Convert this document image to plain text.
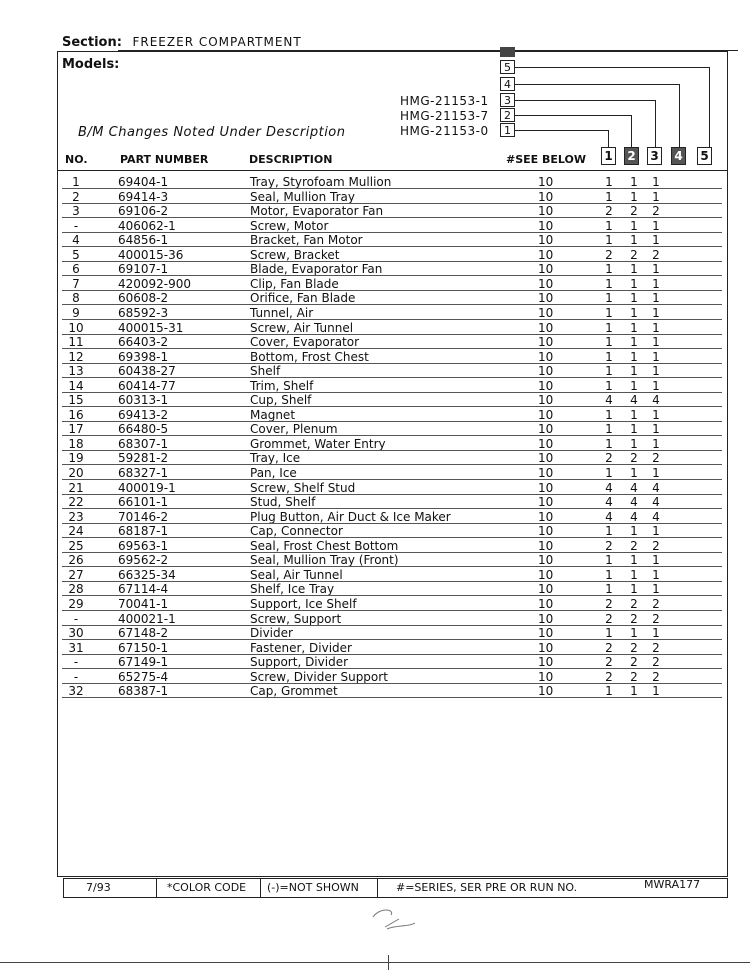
Section: FREEZER COMPARTMENT
Models:
B/M Changes Noted Under Description
HMG-21153-1
HMG-21153-7
HMG-21153-0
5
4
3
2
1
NO.	PART NUMBER	DESCRIPTION	#SEE BELOW 1 2 3 4 5
1	69404-1	Tray, Styrofoam Mullion	10	1 1 1
2	69414-3	Seal, Mullion Tray	10	1 1 1
3	69106-2	Motor, Evaporator Fan	10	2 2 2
-	406062-1	Screw, Motor	10	1 1 1
4	64856-1	Bracket, Fan Motor	10	1 1 1
5	400015-36	Screw, Bracket	10	2 2 2
6	69107-1	Blade, Evaporator Fan	10	1 1 1
7	420092-900	Clip, Fan Blade	10	1 1 1
8	60608-2	Orifice, Fan Blade	10	1 1 1
9	68592-3	Tunnel, Air	10	1 1 1
10	400015-31	Screw, Air Tunnel	10	1 1 1
11	66403-2	Cover, Evaporator	10	1 1 1
12	69398-1	Bottom, Frost Chest	10	1 1 1
13	60438-27	Shelf	10	1 1 1
14	60414-77	Trim, Shelf	10	1 1 1
15	60313-1	Cup, Shelf	10	4 4 4
16	69413-2	Magnet	10	1 1 1
17	66480-5	Cover, Plenum	10	1 1 1
18	68307-1	Grommet, Water Entry	10	1 1 1
19	59281-2	Tray, Ice	10	2 2 2
20	68327-1	Pan, Ice	10	1 1 1
21	400019-1	Screw, Shelf Stud	10	4 4 4
22	66101-1	Stud, Shelf	10	4 4 4
23	70146-2	Plug Button, Air Duct & Ice Maker	10	4 4 4
24	68187-1	Cap, Connector	10	1 1 1
25	69563-1	Seal, Frost Chest Bottom	10	2 2 2
26	69562-2	Seal, Mullion Tray (Front)	10	1 1 1
27	66325-34	Seal, Air Tunnel	10	1 1 1
28	67114-4	Shelf, Ice Tray	10	1 1 1
29	70041-1	Support, Ice Shelf	10	2 2 2
-	400021-1	Screw, Support	10	2 2 2
30	67148-2	Divider	10	1 1 1
31	67150-1	Fastener, Divider	10	2 2 2
-	67149-1	Support, Divider	10	2 2 2
-	65275-4	Screw, Divider Support	10	2 2 2
32	68387-1	Cap, Grommet	10	1 1 1
7/93	*COLOR CODE	(-)=NOT SHOWN	#=SERIES, SER PRE OR RUN NO.	MWRA177
